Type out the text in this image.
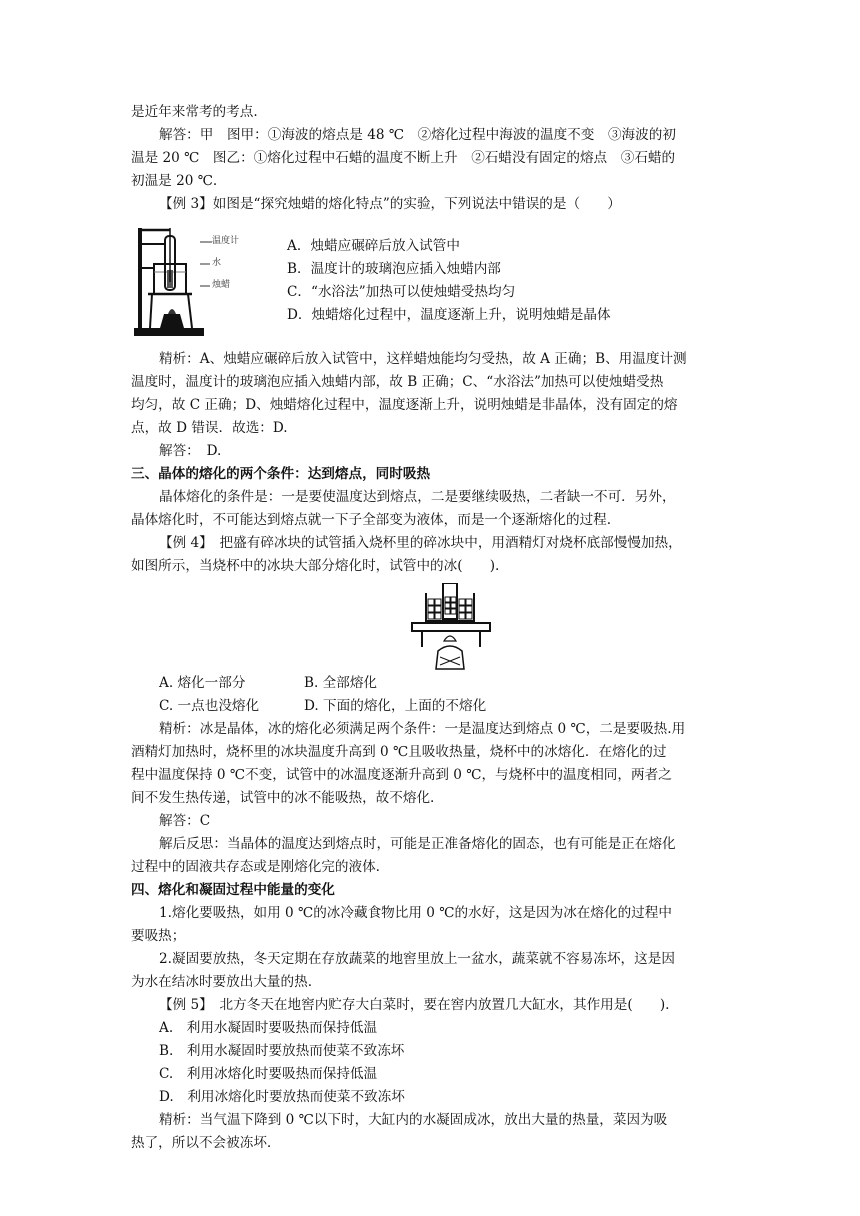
是近年来常考的考点.
解答：甲　图甲：①海波的熔点是 48 ℃　②熔化过程中海波的温度不变　③海波的初
温是 20 ℃　图乙：①熔化过程中石蜡的温度不断上升　②石蜡没有固定的熔点　③石蜡的
初温是 20 ℃.
【例 3】如图是“探究烛蜡的熔化特点”的实验，下列说法中错误的是（　　）
温度计
水
烛蜡
A．烛蜡应碾碎后放入试管中
B．温度计的玻璃泡应插入烛蜡内部
C．“水浴法”加热可以使烛蜡受热均匀
D．烛蜡熔化过程中，温度逐渐上升，说明烛蜡是晶体
精析：A、烛蜡应碾碎后放入试管中，这样蜡烛能均匀受热，故 A 正确；B、用温度计测
温度时，温度计的玻璃泡应插入烛蜡内部，故 B 正确；C、“水浴法”加热可以使烛蜡受热
均匀，故 C 正确；D、烛蜡熔化过程中，温度逐渐上升，说明烛蜡是非晶体，没有固定的熔
点，故 D 错误．故选：D.
解答：　D.
三、晶体的熔化的两个条件：达到熔点，同时吸热
晶体熔化的条件是：一是要使温度达到熔点，二是要继续吸热，二者缺一不可．另外，
晶体熔化时，不可能达到熔点就一下子全部变为液体，而是一个逐渐熔化的过程.
【例 4】　把盛有碎冰块的试管插入烧杯里的碎冰块中，用酒精灯对烧杯底部慢慢加热，
如图所示，当烧杯中的冰块大部分熔化时，试管中的冰(　　).
A. 熔化一部分	B. 全部熔化
C. 一点也没熔化	D. 下面的熔化，上面的不熔化
精析：冰是晶体，冰的熔化必须满足两个条件：一是温度达到熔点 0 ℃，二是要吸热.用
酒精灯加热时，烧杯里的冰块温度升高到 0 ℃且吸收热量，烧杯中的冰熔化．在熔化的过
程中温度保持 0 ℃不变，试管中的冰温度逐渐升高到 0 ℃，与烧杯中的温度相同，两者之
间不发生热传递，试管中的冰不能吸热，故不熔化.
解答：C
解后反思：当晶体的温度达到熔点时，可能是正准备熔化的固态，也有可能是正在熔化
过程中的固液共存态或是刚熔化完的液体.
四、熔化和凝固过程中能量的变化
1.熔化要吸热，如用 0 ℃的冰冷藏食物比用 0 ℃的水好，这是因为冰在熔化的过程中
要吸热；
2.凝固要放热，冬天定期在存放蔬菜的地窖里放上一盆水，蔬菜就不容易冻坏，这是因
为水在结冰时要放出大量的热.
【例 5】　北方冬天在地窖内贮存大白菜时，要在窖内放置几大缸水，其作用是(　　).
A.　利用水凝固时要吸热而保持低温
B.　利用水凝固时要放热而使菜不致冻坏
C.　利用冰熔化时要吸热而保持低温
D.　利用冰熔化时要放热而使菜不致冻坏
精析：当气温下降到 0 ℃以下时，大缸内的水凝固成冰，放出大量的热量，菜因为吸
热了，所以不会被冻坏.
